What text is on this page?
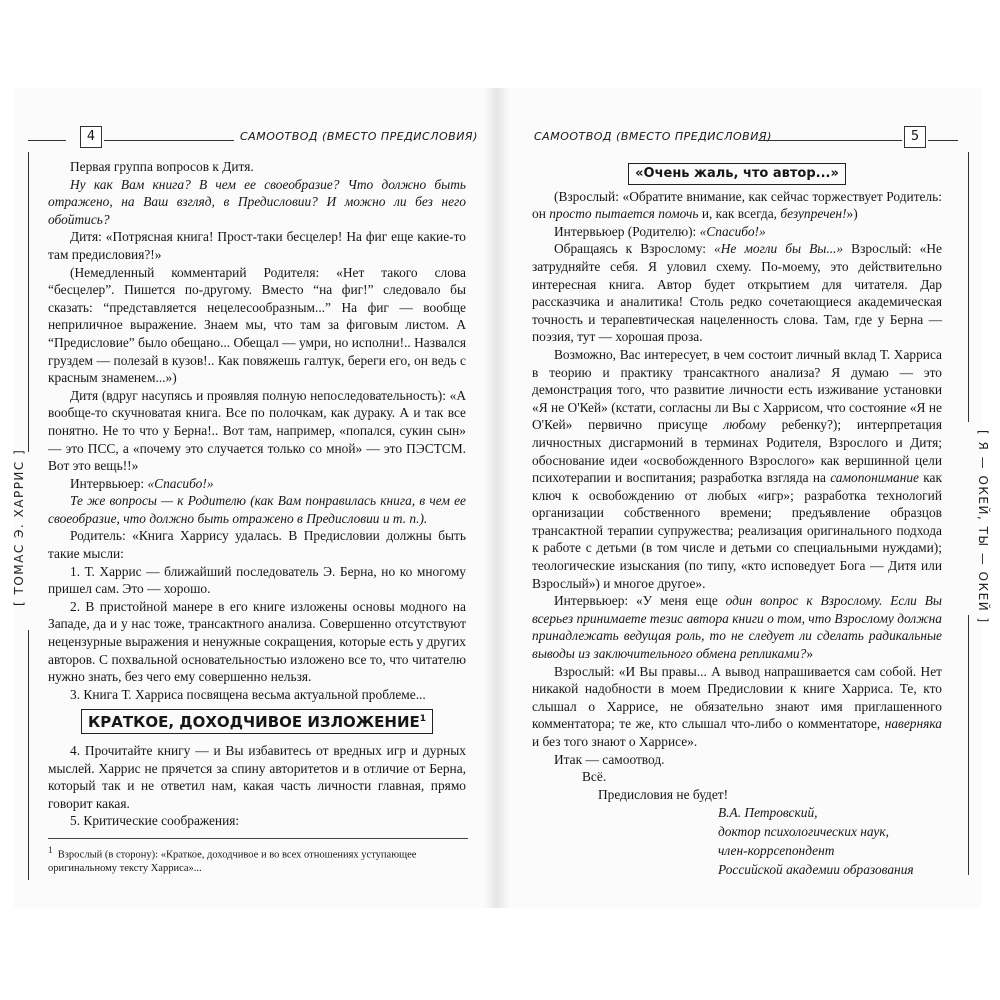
4	САМООТВОД (ВМЕСТО ПРЕДИСЛОВИЯ)	САМООТВОД (ВМЕСТО ПРЕДИСЛОВИЯ)	5
[ ТОМАС Э. ХАРРИС ]	[ Я — ОКЕЙ, ТЫ — ОКЕЙ ]

Первая группа вопросов к Дитя.

Ну как Вам книга? В чем ее своеобразие? Что должно быть отражено, на Ваш взгляд, в Предисловии? И можно ли без него обойтись?

Дитя: «Потрясная книга! Прост-таки бесцелер! На фиг еще какие-то там предисловия?!»

(Немедленный комментарий Родителя: «Нет такого слова “бесцелер”. Пишется по-другому. Вместо “на фиг!” следовало бы сказать: “представляется нецелесообразным...” На фиг — вообще неприличное выражение. Знаем мы, что там за фиговым листом. А “Предисловие” было обещано... Обещал — умри, но исполни!.. Назвался груздем — полезай в кузов!.. Как повяжешь галтук, береги его, он ведь с красным знаменем...»)

Дитя (вдруг насупясь и проявляя полную непоследовательность): «А вообще-то скучноватая книга. Все по полочкам, как дураку. А и так все понятно. Не то что у Берна!.. Вот там, например, «попался, сукин сын» — это ПСС, а «почему это случается только со мной» — это ПЭСТСМ. Вот это вещь!!»

Интервьюер: «Спасибо!»

Те же вопросы — к Родителю (как Вам понравилась книга, в чем ее своеобразие, что должно быть отражено в Предисловии и т. п.).

Родитель: «Книга Харрису удалась. В Предисловии должны быть такие мысли:

1. Т. Харрис — ближайший последователь Э. Берна, но ко многому пришел сам. Это — хорошо.

2. В пристойной манере в его книге изложены основы модного на Западе, да и у нас тоже, трансактного анализа. Совершенно отсутствуют нецензурные выражения и ненужные сокращения, которые есть у других авторов. С похвальной основательностью изложено все то, что читателю нужно знать, без чего ему совершенно нельзя.

3. Книга Т. Харриса посвящена весьма актуальной проблеме...

КРАТКОЕ, ДОХОДЧИВОЕ ИЗЛОЖЕНИЕ$^1$

4. Прочитайте книгу — и Вы избавитесь от вредных игр и дурных мыслей. Харрис не прячется за спину авторитетов и в отличие от Берна, который так и не ответил нам, какая часть личности главная, прямо говорит какая.

5. Критические соображения:

$^1$ Взрослый (в сторону): «Краткое, доходчивое и во всех отношениях уступающее оригинальному тексту Харриса»...
«Очень жаль, что автор...»

(Взрослый: «Обратите внимание, как сейчас торжествует Родитель: он просто пытается помочь и, как всегда, безупречен!»)

Интервьюер (Родителю): «Спасибо!»

Обращаясь к Взрослому: «Не могли бы Вы...» Взрослый: «Не затрудняйте себя. Я уловил схему. По-моему, это действительно интересная книга. Автор будет открытием для читателя. Дар рассказчика и аналитика! Столь редко сочетающиеся академическая точность и терапевтическая нацеленность слова. Там, где у Берна — поэзия, тут — хорошая проза.

Возможно, Вас интересует, в чем состоит личный вклад Т. Харриса в теорию и практику трансактного анализа? Я думаю — это демонстрация того, что развитие личности есть изживание установки «Я не О'Кей» (кстати, согласны ли Вы с Харрисом, что состояние «Я не О'Кей» первично присуще любому ребенку?); интерпретация личностных дисгармоний в терминах Родителя, Взрослого и Дитя; обоснование идеи «освобожденного Взрослого» как вершинной цели психотерапии и воспитания; разработка взгляда на самопонимание как ключ к освобождению от любых «игр»; разработка технологий организации собственного времени; предъявление образцов трансактной терапии супружества; реализация оригинального подхода к работе с детьми (в том числе и детьми со специальными нуждами); теологические изыскания (по типу, «кто исповедует Бога — Дитя или Взрослый») и многое другое».

Интервьюер: «У меня еще один вопрос к Взрослому. Если Вы всерьез принимаете тезис автора книги о том, что Взрослому должна принадлежать ведущая роль, то не следует ли сделать радикальные выводы из заключительного обмена репликами?»

Взрослый: «И Вы правы... А вывод напрашивается сам собой. Нет никакой надобности в моем Предисловии к книге Харриса. Те, кто слышал о Харрисе, не обязательно знают имя приглашенного комментатора; те же, кто слышал что-либо о комментаторе, наверняка и без того знают о Харрисе».

Итак — самоотвод.

Всё.

Предисловия не будет!

В.А. Петровский,
доктор психологических наук,
член-коррсепондент
Российской академии образования
